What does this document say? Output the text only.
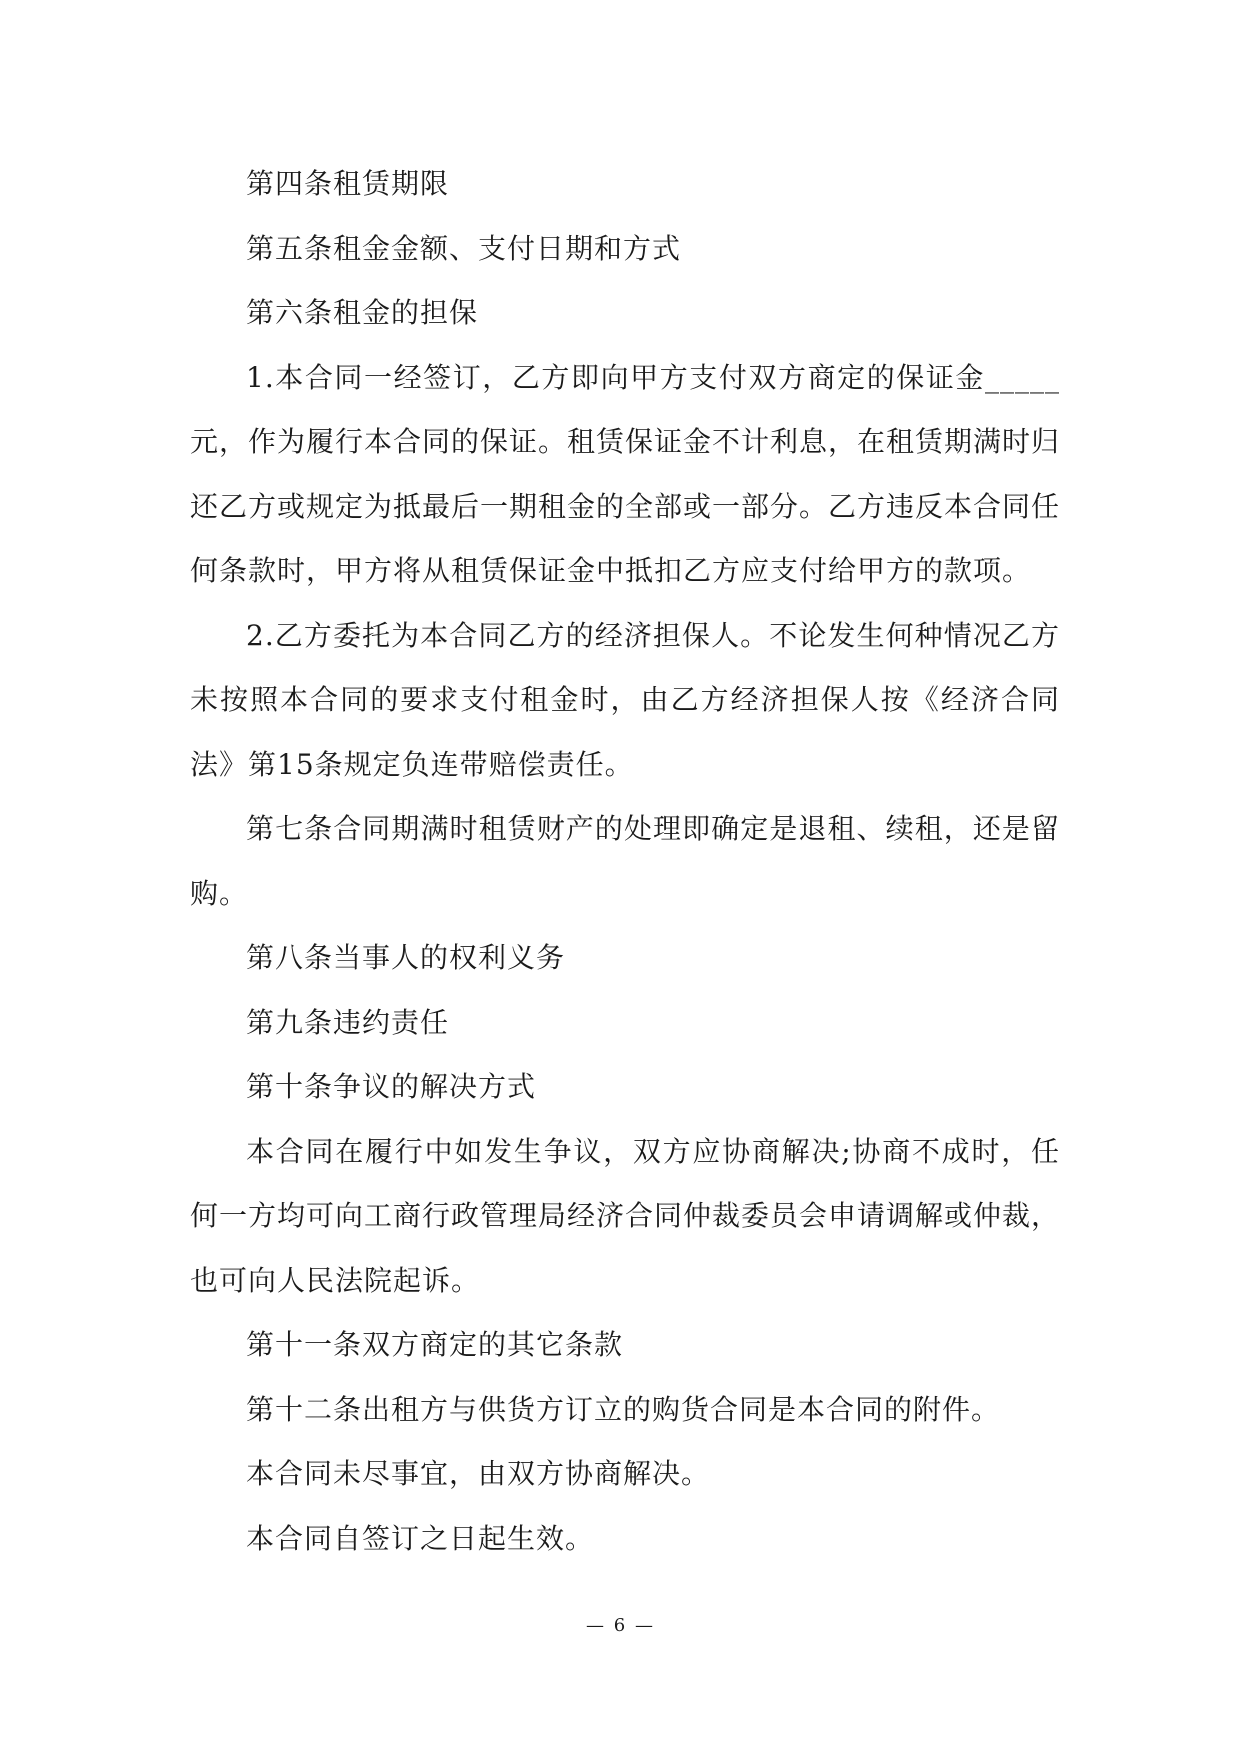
第四条租赁期限

第五条租金金额、支付日期和方式

第六条租金的担保

1.本合同一经签订，乙方即向甲方支付双方商定的保证金_____元，作为履行本合同的保证。租赁保证金不计利息，在租赁期满时归还乙方或规定为抵最后一期租金的全部或一部分。乙方违反本合同任何条款时，甲方将从租赁保证金中抵扣乙方应支付给甲方的款项。

2.乙方委托为本合同乙方的经济担保人。不论发生何种情况乙方未按照本合同的要求支付租金时，由乙方经济担保人按《经济合同法》第15条规定负连带赔偿责任。

第七条合同期满时租赁财产的处理即确定是退租、续租，还是留购。

第八条当事人的权利义务

第九条违约责任

第十条争议的解决方式

本合同在履行中如发生争议，双方应协商解决;协商不成时，任何一方均可向工商行政管理局经济合同仲裁委员会申请调解或仲裁，也可向人民法院起诉。

第十一条双方商定的其它条款

第十二条出租方与供货方订立的购货合同是本合同的附件。

本合同未尽事宜，由双方协商解决。

本合同自签订之日起生效。

— 6 —
